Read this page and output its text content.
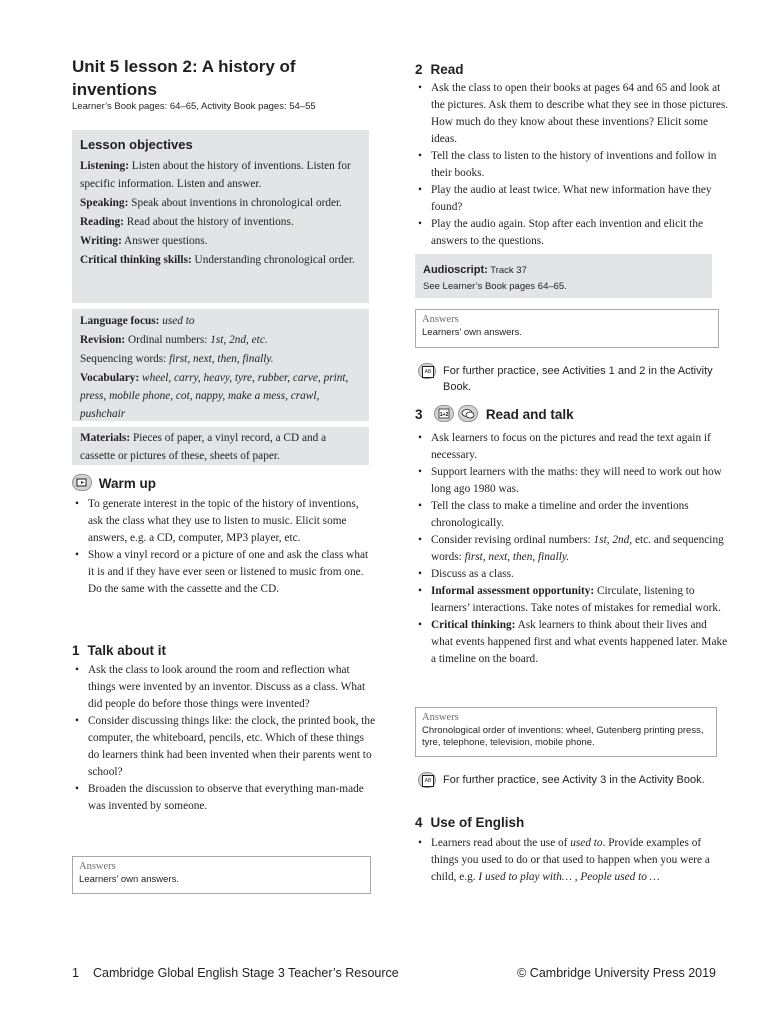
Unit 5 lesson 2: A history of inventions

Learner’s Book pages: 64–65, Activity Book pages: 54–55

Lesson objectives

Listening: Listen about the history of inventions. Listen for specific information. Listen and answer.

Speaking: Speak about inventions in chronological order.

Reading: Read about the history of inventions.

Writing: Answer questions.

Critical thinking skills: Understanding chronological order.

Language focus: used to

Revision: Ordinal numbers: 1st, 2nd, etc.

Sequencing words: first, next, then, finally.

Vocabulary: wheel, carry, heavy, tyre, rubber, carve, print, press, mobile phone, cot, nappy, make a mess, crawl, pushchair

Materials: Pieces of paper, a vinyl record, a CD and a cassette or pictures of these, sheets of paper.

Warm up
• To generate interest in the topic of the history of inventions, ask the class what they use to listen to music. Elicit some answers, e.g. a CD, computer, MP3 player, etc.
• Show a vinyl record or a picture of one and ask the class what it is and if they have ever seen or listened to music from one. Do the same with the cassette and the CD.
1 Talk about it
• Ask the class to look around the room and reflection what things were invented by an inventor. Discuss as a class. What did people do before those things were invented?
• Consider discussing things like: the clock, the printed book, the computer, the whiteboard, pencils, etc. Which of these things do learners think had been invented when their parents went to school?
• Broaden the discussion to observe that everything man-made was invented by someone.
Answers
Learners’ own answers.
2 Read
• Ask the class to open their books at pages 64 and 65 and look at the pictures. Ask them to describe what they see in those pictures. How much do they know about these inventions? Elicit some ideas.
• Tell the class to listen to the history of inventions and follow in their books.
• Play the audio at least twice. What new information have they found?
• Play the audio again. Stop after each invention and elicit the answers to the questions.
Audioscript: Track 37
See Learner’s Book pages 64–65.
Answers
Learners’ own answers.
AB
For further practice, see Activities 1 and 2 in the Activity Book.
3	1+2
	Read and talk
• Ask learners to focus on the pictures and read the text again if necessary.
• Support learners with the maths: they will need to work out how long ago 1980 was.
• Tell the class to make a timeline and order the inventions chronologically.
• Consider revising ordinal numbers: 1st, 2nd, etc. and sequencing words: first, next, then, finally.
• Discuss as a class.
• Informal assessment opportunity: Circulate, listening to learners’ interactions. Take notes of mistakes for remedial work.
• Critical thinking: Ask learners to think about their lives and what events happened first and what events happened later. Make a timeline on the board.
Answers
Chronological order of inventions: wheel, Gutenberg printing press, tyre, telephone, television, mobile phone.
AB
For further practice, see Activity 3 in the Activity Book.
4 Use of English
• Learners read about the use of used to. Provide examples of things you used to do or that used to happen when you were a child, e.g. I used to play with… , People used to …
1 Cambridge Global English Stage 3 Teacher’s Resource	© Cambridge University Press 2019
